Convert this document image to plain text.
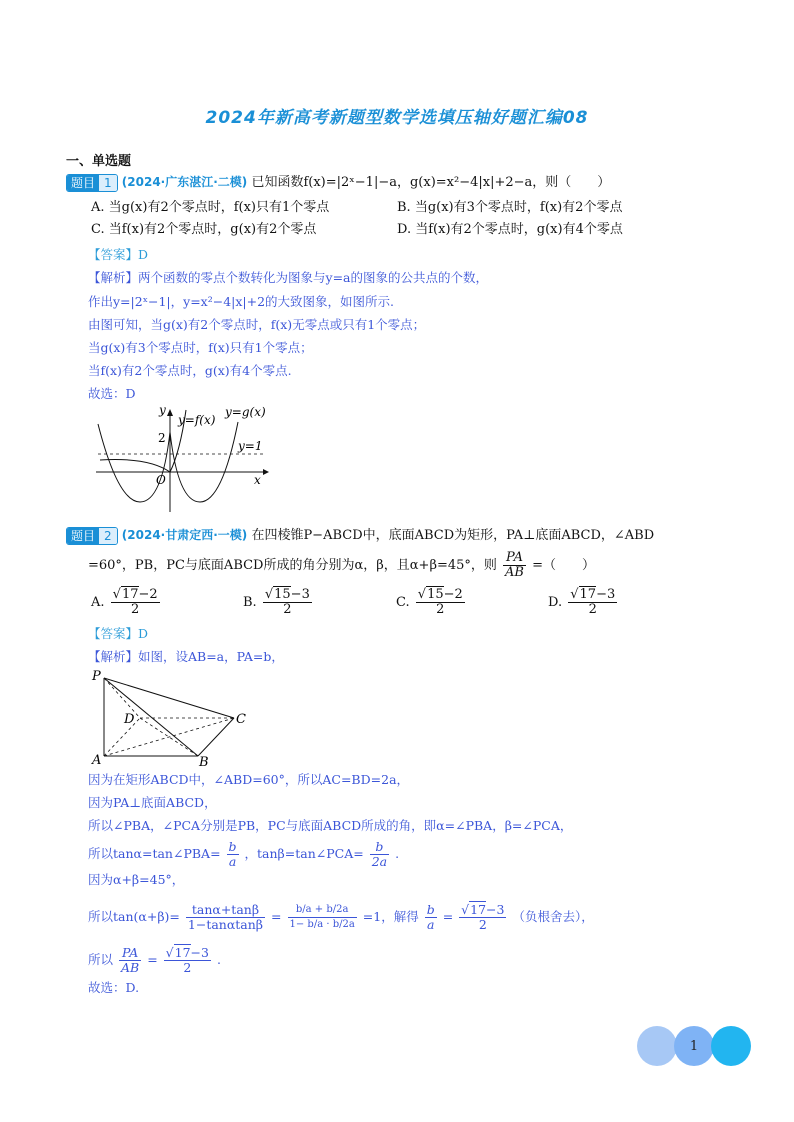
2024年新高考新题型数学选填压轴好题汇编08
一、单选题
题目 1 (2024·广东湛江·二模) 已知函数f(x)=|2ˣ−1|−a，g(x)=x²−4|x|+2−a，则（　　）
A. 当g(x)有2个零点时，f(x)只有1个零点	B. 当g(x)有3个零点时，f(x)有2个零点
C. 当f(x)有2个零点时，g(x)有2个零点	D. 当f(x)有2个零点时，g(x)有4个零点
【答案】D
【解析】两个函数的零点个数转化为图象与y=a的图象的公共点的个数，
作出y=|2ˣ−1|，y=x²−4|x|+2的大致图象，如图所示.
由图可知，当g(x)有2个零点时，f(x)无零点或只有1个零点；
当g(x)有3个零点时，f(x)只有1个零点；
当f(x)有2个零点时，g(x)有4个零点.
故选：D
y
x
O
2
y=f(x)
y=g(x)
y=1
题目 2 (2024·甘肃定西·一模) 在四棱锥P−ABCD中，底面ABCD为矩形，PA⊥底面ABCD，∠ABD
=60°，PB，PC与底面ABCD所成的角分别为α，β，且α+β=45°，则 $\frac{PA}{AB}$ =（　　）
A. $\frac{√17-2}{2}$	B. $\frac{√15-3}{2}$	C. $\frac{√15-2}{2}$	D. $\frac{√17-3}{2}$
【答案】D
【解析】如图，设AB=a，PA=b，
P
A	B
C
D
因为在矩形ABCD中，∠ABD=60°，所以AC=BD=2a，
因为PA⊥底面ABCD，
所以∠PBA，∠PCA分别是PB，PC与底面ABCD所成的角，即α=∠PBA，β=∠PCA，
所以tanα=tan∠PBA= $\frac{b}{a}$ ，tanβ=tan∠PCA= $\frac{b}{2a}$ .
因为α+β=45°，
所以$\tan(\alpha+\beta)= \frac{\tan\alpha+\tan\beta}{1-\tan\alpha\tan\beta} = \frac{b/a + b/2a}{1- b/a \cdot b/2a} =1$，解得 $\frac{b}{a} = \frac{√17-3}{2}$ （负根舍去），
所以 $\frac{PA}{AB} = \frac{√17-3}{2}$ .
故选：D.
1
